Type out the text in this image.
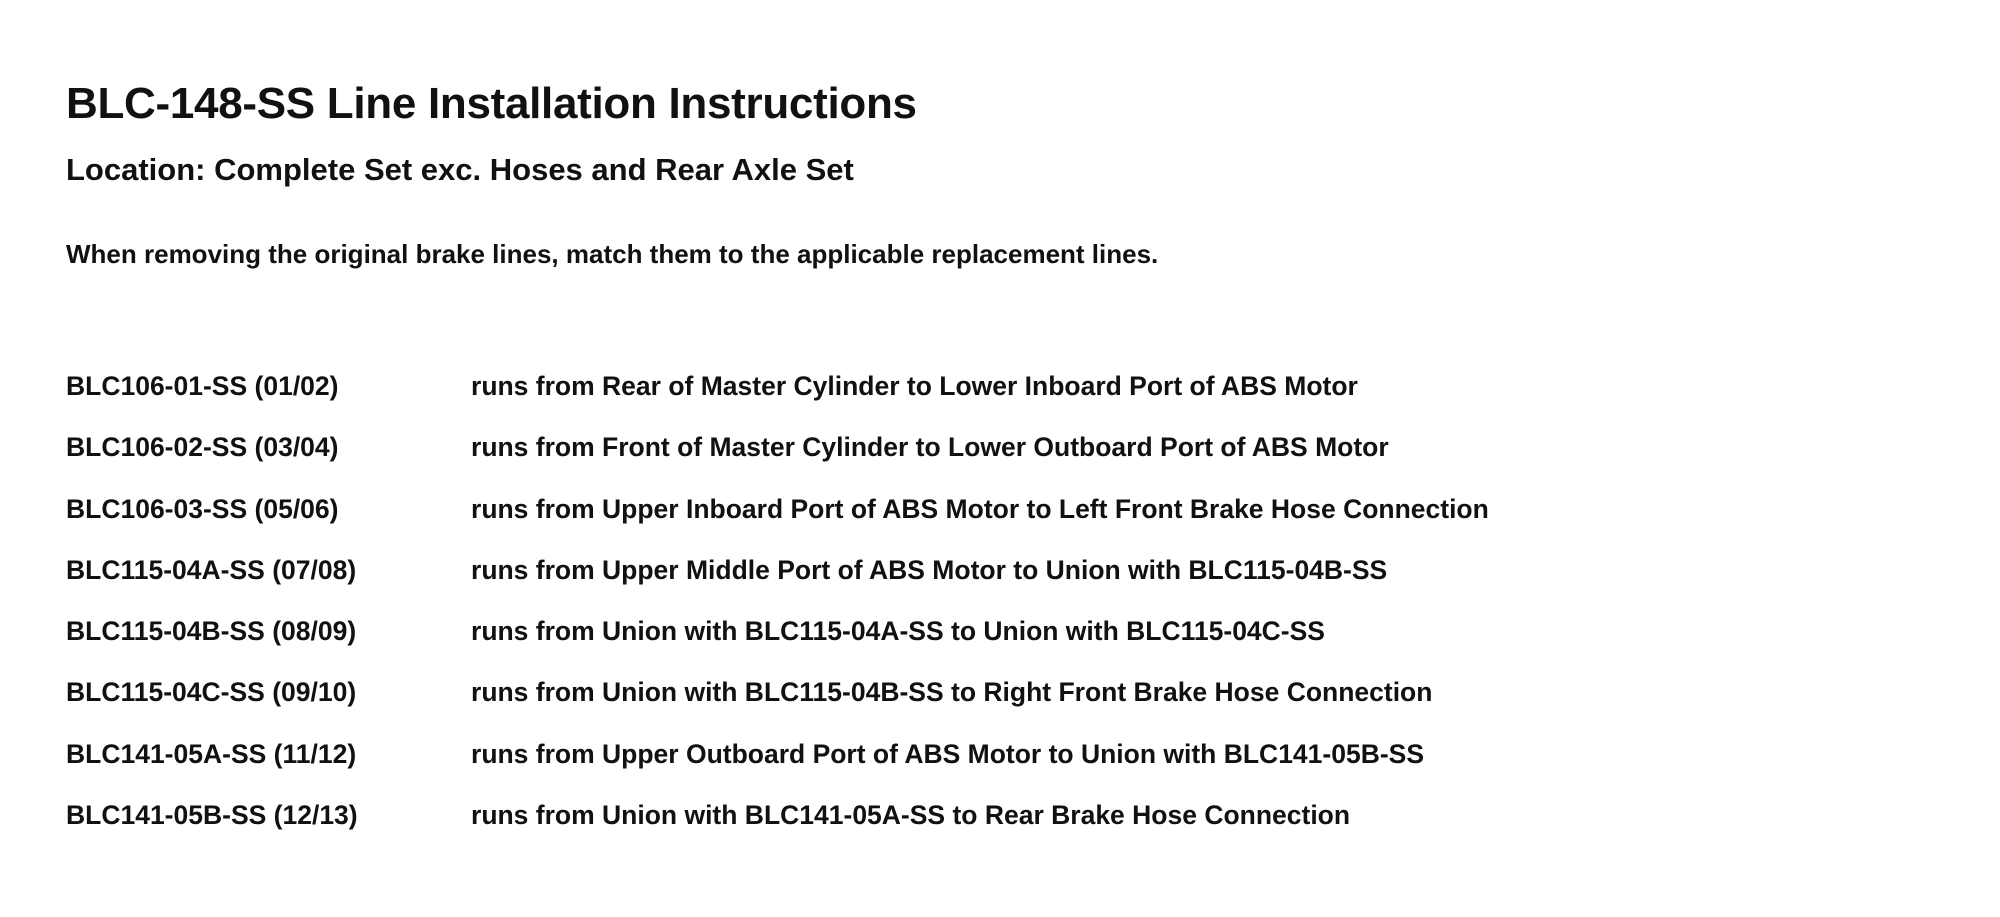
BLC-148-SS Line Installation Instructions
Location: Complete Set exc. Hoses and Rear Axle Set
When removing the original brake lines, match them to the applicable replacement lines.
BLC106-01-SS (01/02)	runs from Rear of Master Cylinder to Lower Inboard Port of ABS Motor
BLC106-02-SS (03/04)	runs from Front of Master Cylinder to Lower Outboard Port of ABS Motor
BLC106-03-SS (05/06)	runs from Upper Inboard Port of ABS Motor to Left Front Brake Hose Connection
BLC115-04A-SS (07/08)	runs from Upper Middle Port of ABS Motor to Union with BLC115-04B-SS
BLC115-04B-SS (08/09)	runs from Union with BLC115-04A-SS to Union with BLC115-04C-SS
BLC115-04C-SS (09/10)	runs from Union with BLC115-04B-SS to Right Front Brake Hose Connection
BLC141-05A-SS (11/12)	runs from Upper Outboard Port of ABS Motor to Union with BLC141-05B-SS
BLC141-05B-SS (12/13)	runs from Union with BLC141-05A-SS to Rear Brake Hose Connection
